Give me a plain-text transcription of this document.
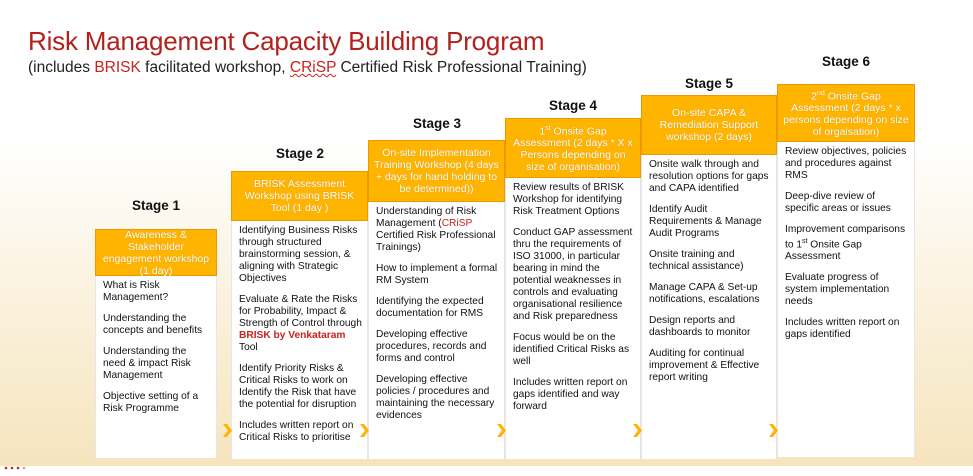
Risk Management Capacity Building Program

(includes BRISK facilitated workshop, CRiSP Certified Risk Professional Training)

Stage 1
Stage 2
Stage 3
Stage 4
Stage 5
Stage 6
Awareness & Stakeholder engagement workshop (1 day)

What is Risk Management?

Understanding the concepts and benefits

Understanding the need & impact Risk Management

Objective setting of a Risk Programme

BRISK Assessment Workshop using BRISK Tool (1 day )

Identifying Business Risks through structured brainstorming session, & aligning with Strategic Objectives

Evaluate & Rate the Risks for Probability, Impact & Strength of Control through BRISK by Venkataram Tool

Identify Priority Risks & Critical Risks to work on Identify the Risk that have the potential for disruption

Includes written report on Critical Risks to prioritise

On-site Implementation Training Workshop (4 days + days for hand holding to be determined))

Understanding of Risk Management (CRiSP Certified Risk Professional Trainings)

How to implement a formal RM System

Identifying the expected documentation for RMS

Developing effective procedures, records and forms and control

Developing effective policies / procedures and maintaining the necessary evidences

1st Onsite Gap Assessment (2 days * X x Persons depending on size of organisation)

Review results of BRISK Workshop for identifying Risk Treatment Options

Conduct GAP assessment thru the requirements of ISO 31000, in particular bearing in mind the potential weaknesses in controls and evaluating organisational resilience and Risk preparedness

Focus would be on the identified Critical Risks as well

Includes written report on gaps identified and way forward

On-site CAPA & Remediation Support workshop (2 days)

Onsite walk through and resolution options for gaps and CAPA identified

Identify Audit Requirements & Manage Audit Programs

Onsite training and technical assistance)

Manage CAPA & Set-up notifications, escalations

Design reports and dashboards to monitor

Auditing for continual improvement & Effective report writing

2nd Onsite Gap Assessment (2 days * x persons depending on size of orgaisation)

Review objectives, policies and procedures against RMS

Deep-dive review of specific areas or issues

Improvement comparisons to 1st Onsite Gap Assessment

Evaluate progress of system implementation needs

Includes written report on gaps identified
